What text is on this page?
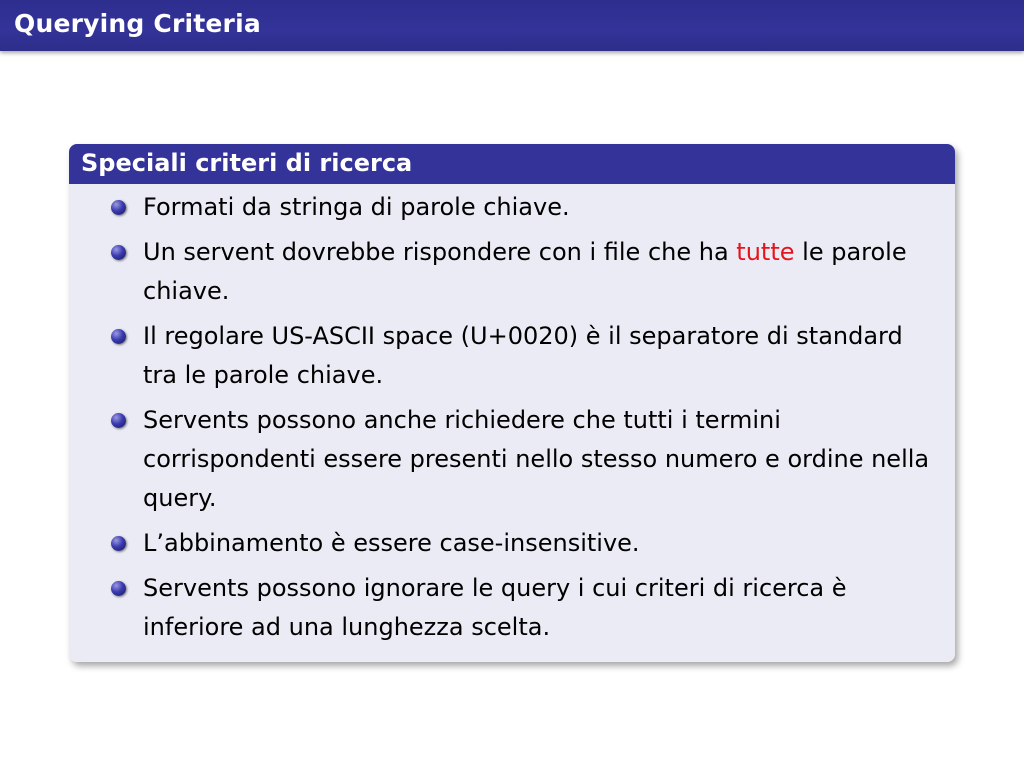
Querying Criteria
Speciali criteri di ricerca
Formati da stringa di parole chiave.
Un servent dovrebbe rispondere con i file che ha tutte le parole chiave.
Il regolare US-ASCII space (U+0020) è il separatore di standard tra le parole chiave.
Servents possono anche richiedere che tutti i termini corrispondenti essere presenti nello stesso numero e ordine nella query.
L’abbinamento è essere case-insensitive.
Servents possono ignorare le query i cui criteri di ricerca è inferiore ad una lunghezza scelta.
